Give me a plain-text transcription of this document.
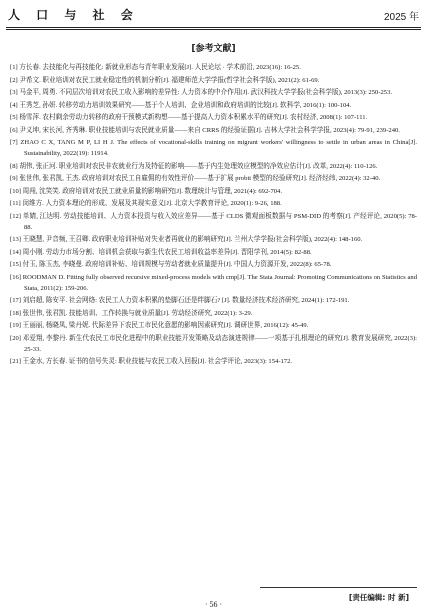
人 口 与 社 会	2025 年
[参考文献]

[1] 方长春. 去技能化与再技能化: 新就业形态与青年职业发展[J]. 人民论坛 · 学术前沿, 2023(16): 16-25.

[2] 尹希文. 职业培训对农民工就业稳定性的机制分析[J]. 福建师范大学学报(哲学社会科学版), 2021(2): 61-69.

[3] 马金平, 周勇. 不同层次培训对农民工收入影响的差异性: 人力资本的中介作用[J]. 武汉科技大学学报(社会科学版), 2013(3): 250-253.

[4] 王秀芝, 孙妍. 转移劳动力培训效果研究——基于个人培训、企业培训和政府培训的比较[J]. 软科学, 2016(1): 100-104.

[5] 杨雪萍. 农村剩余劳动力转移的政府干预模式新构想——基于提高人力资本积累水平的研究[J]. 农村经济, 2008(1): 107-111.

[6] 尹义坤, 宋长河, 齐秀琳. 职业技能培训与农民就业质量——来自 CRRS 的经验证据[J]. 吉林大学社会科学学报, 2023(4): 79-91, 239-240.

[7] ZHAO C X, TANG M P, LI H J. The effects of vocational-skills training on migrant workers' willingness to settle in urban areas in China[J]. Sustainability, 2022(19): 11914.

[8] 胡伟, 张正河. 职业培训对农民非农就业行为及特征的影响——基于内生处理效应模型的净效应估计[J]. 改革, 2022(4): 110-126.

[9] 张世伟, 张君凯, 王杰. 政府培训对农民工自雇佣的有效性评价——基于扩展 probit 模型的经验研究[J]. 经济经纬, 2022(4): 32-40.

[10] 周闯, 沈笑笑. 政府培训对农民工就业质量的影响研究[J]. 数理统计与管理, 2021(4): 692-704.

[11] 闵维方. 人力资本理论的形成、发展及其现实意义[J]. 北京大学教育评论, 2020(1): 9-26, 188.

[12] 单婧, 江达明. 劳动技能培训、人力资本投资与收入效应差异——基于 CLDS 微观面板数据与 PSM-DID 的考察[J]. 产经评论, 2020(5): 78-88.

[13] 王晓慧, 尹音频, 王召卿. 政府职业培训补贴对失业者再就业的影响研究[J]. 兰州大学学报(社会科学版), 2022(4): 148-160.

[14] 周小刚. 劳动力市场分割、培训机会获取与新生代农民工培训收益率差异[J]. 晋阳学刊, 2014(5): 82-88.

[15] 付玉, 陈玉杰, 李晓曼. 政府培训补贴、培训规模与劳动者就业质量提升[J]. 中国人力资源开发, 2022(8): 65-78.

[16] ROODMAN D. Fitting fully observed recursive mixed-process models with cmp[J]. The Stata Journal: Promoting Communications on Statistics and Stata, 2011(2): 159-206.

[17] 刘启超, 陈安平. 社会网络: 农民工人力资本积累的垫脚石还是绊脚石? [J]. 数量经济技术经济研究, 2024(1): 172-191.

[18] 张世伟, 张君凯. 技能培训、工作转换与就业质量[J]. 劳动经济研究, 2022(1): 3-29.

[19] 王丽丽, 杨晓凤, 梁丹妮. 代际差异下农民工市民化意愿的影响因素研究[J]. 调研世界, 2016(12): 45-49.

[20] 邓爱翔, 李黎丹. 新生代农民工市民化进程中的职业技能开发策略及动态演进规律——一项基于扎根理论的研究[J]. 教育发展研究, 2022(3): 25-33.

[21] 王金水, 方长春. 证书的信号失灵: 职业技能与农民工收入回报[J]. 社会学评论, 2023(3): 154-172.

[责任编辑: 时 新]
· 56 ·
